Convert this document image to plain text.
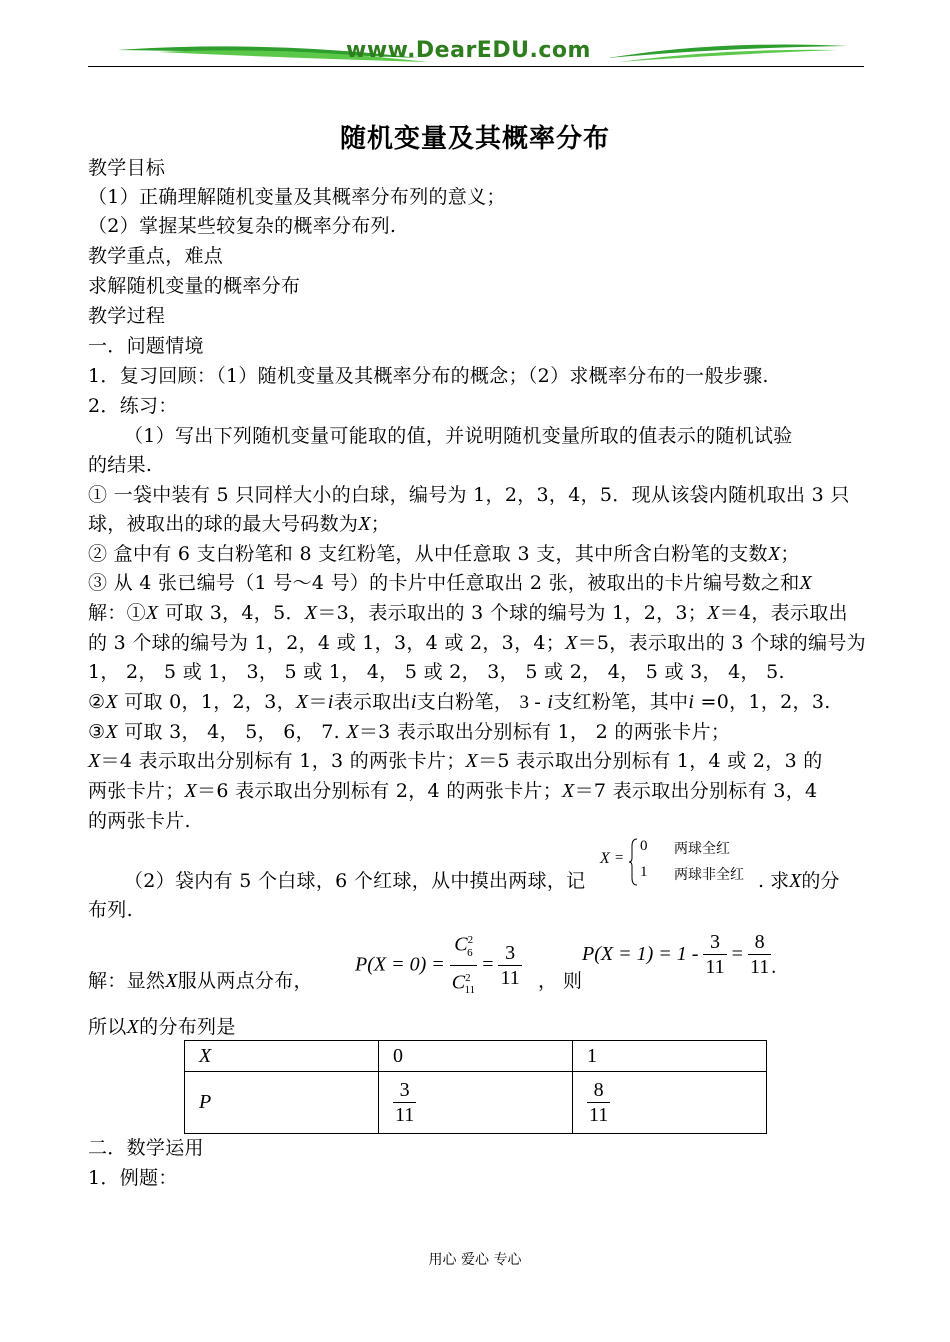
www.DearEDU.com
随机变量及其概率分布
教学目标
（1）正确理解随机变量及其概率分布列的意义；
（2）掌握某些较复杂的概率分布列.
教学重点，难点
求解随机变量的概率分布
教学过程
一．问题情境
1．复习回顾：（1）随机变量及其概率分布的概念；（2）求概率分布的一般步骤.
2．练习：
（1）写出下列随机变量可能取的值，并说明随机变量所取的值表示的随机试验
的结果.
① 一袋中装有 5 只同样大小的白球，编号为 1，2，3，4，5．现从该袋内随机取出 3 只
球，被取出的球的最大号码数为X；
② 盒中有 6 支白粉笔和 8 支红粉笔，从中任意取 3 支，其中所含白粉笔的支数X；
③ 从 4 张已编号（1 号～4 号）的卡片中任意取出 2 张，被取出的卡片编号数之和X
解：①X 可取 3，4，5．X＝3，表示取出的 3 个球的编号为 1，2，3；X＝4，表示取出
的 3 个球的编号为 1，2，4 或 1，3，4 或 2，3，4；X＝5，表示取出的 3 个球的编号为
1， 2， 5 或 1， 3， 5 或 1， 4， 5 或 2， 3， 5 或 2， 4， 5 或 3， 4， 5.
②X 可取 0，1，2，3，X＝i表示取出i支白粉笔， 3 - i支红粉笔，其中i =0，1，2，3.
③X 可取 3， 4， 5， 6， 7. X＝3 表示取出分别标有 1， 2 的两张卡片；
X＝4 表示取出分别标有 1，3 的两张卡片；X＝5 表示取出分别标有 1，4 或 2，3 的
两张卡片；X＝6 表示取出分别标有 2，4 的两张卡片；X＝7 表示取出分别标有 3，4
的两张卡片.
X =
0 两球全红
1 两球非全红
（2）袋内有 5 个白球，6 个红球，从中摸出两球，记	. 求X的分
布列.
$P(X = 0) = \frac{C^2_6}{C^2_{11}} = \frac{3}{11}$	$P(X = 1) = 1 - \frac{3}{11} = \frac{8}{11}$ .
解：显然X服从两点分布，	， 则
所以X的分布列是
X	0	1
P	$\frac{3}{11}$	$\frac{8}{11}$
二．数学运用
1．例题：
用心 爱心 专心
